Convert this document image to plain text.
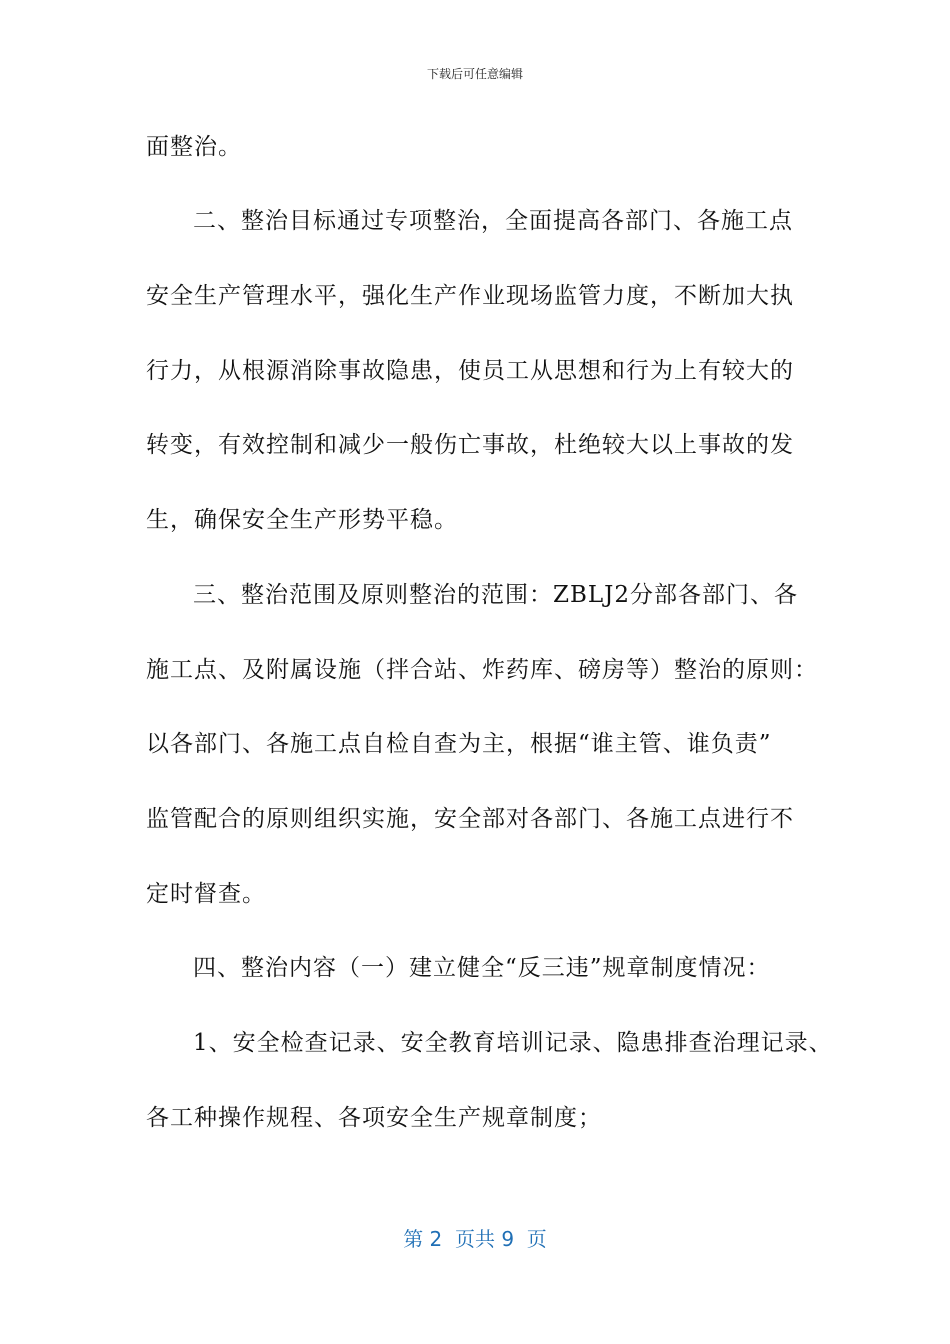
下载后可任意编辑
面整治。
二、整治目标通过专项整治，全面提高各部门、各施工点
安全生产管理水平，强化生产作业现场监管力度，不断加大执
行力，从根源消除事故隐患，使员工从思想和行为上有较大的
转变，有效控制和减少一般伤亡事故，杜绝较大以上事故的发
生，确保安全生产形势平稳。
三、整治范围及原则整治的范围：ZBLJ2分部各部门、各
施工点、及附属设施（拌合站、炸药库、磅房等）整治的原则：
以各部门、各施工点自检自查为主，根据“谁主管、谁负责”
监管配合的原则组织实施，安全部对各部门、各施工点进行不
定时督查。
四、整治内容（一）建立健全“反三违”规章制度情况：
1、安全检查记录、安全教育培训记录、隐患排查治理记录、
各工种操作规程、各项安全生产规章制度；
第 2  页共 9  页
